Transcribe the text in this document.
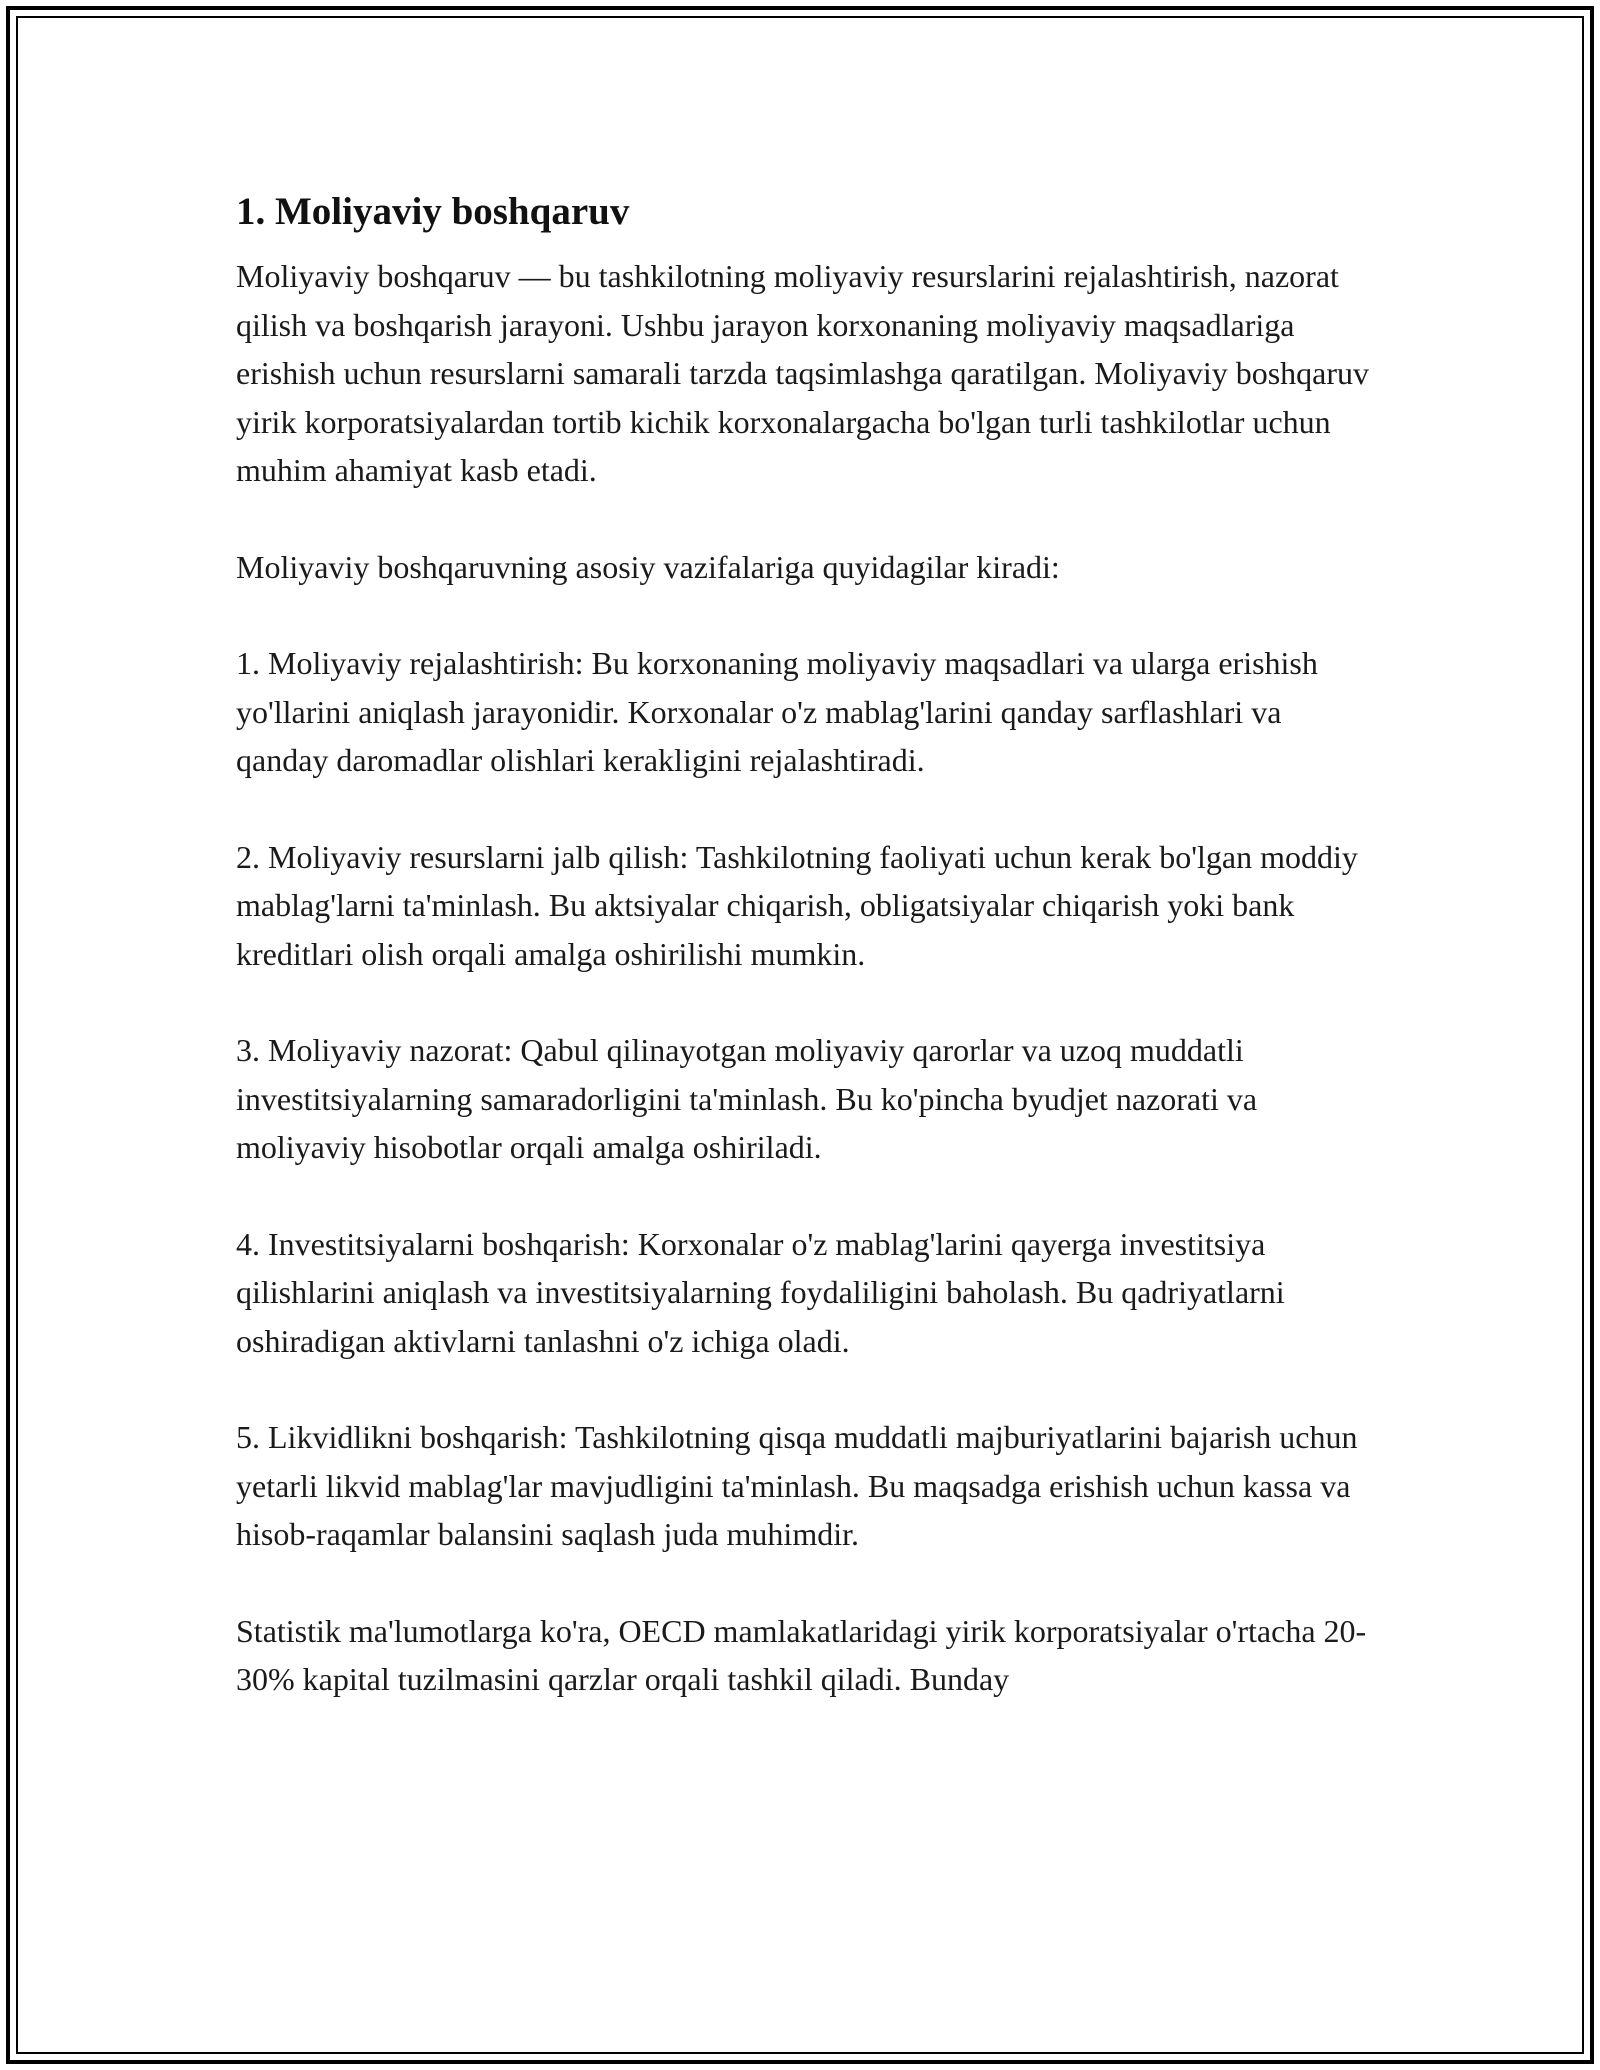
1. Moliyaviy boshqaruv

Moliyaviy boshqaruv — bu tashkilotning moliyaviy resurslarini rejalashtirish, nazorat qilish va boshqarish jarayoni. Ushbu jarayon korxonaning moliyaviy maqsadlariga erishish uchun resurslarni samarali tarzda taqsimlashga qaratilgan. Moliyaviy boshqaruv yirik korporatsiyalardan tortib kichik korxonalargacha bo'lgan turli tashkilotlar uchun muhim ahamiyat kasb etadi.

Moliyaviy boshqaruvning asosiy vazifalariga quyidagilar kiradi:

1. Moliyaviy rejalashtirish: Bu korxonaning moliyaviy maqsadlari va ularga erishish yo'llarini aniqlash jarayonidir. Korxonalar o'z mablag'larini qanday sarflashlari va qanday daromadlar olishlari kerakligini rejalashtiradi.

2. Moliyaviy resurslarni jalb qilish: Tashkilotning faoliyati uchun kerak bo'lgan moddiy mablag'larni ta'minlash. Bu aktsiyalar chiqarish, obligatsiyalar chiqarish yoki bank kreditlari olish orqali amalga oshirilishi mumkin.

3. Moliyaviy nazorat: Qabul qilinayotgan moliyaviy qarorlar va uzoq muddatli investitsiyalarning samaradorligini ta'minlash. Bu ko'pincha byudjet nazorati va moliyaviy hisobotlar orqali amalga oshiriladi.

4. Investitsiyalarni boshqarish: Korxonalar o'z mablag'larini qayerga investitsiya qilishlarini aniqlash va investitsiyalarning foydaliligini baholash. Bu qadriyatlarni oshiradigan aktivlarni tanlashni o'z ichiga oladi.

5. Likvidlikni boshqarish: Tashkilotning qisqa muddatli majburiyatlarini bajarish uchun yetarli likvid mablag'lar mavjudligini ta'minlash. Bu maqsadga erishish uchun kassa va hisob-raqamlar balansini saqlash juda muhimdir.

Statistik ma'lumotlarga ko'ra, OECD mamlakatlaridagi yirik korporatsiyalar o'rtacha 20-30% kapital tuzilmasini qarzlar orqali tashkil qiladi. Bunday
